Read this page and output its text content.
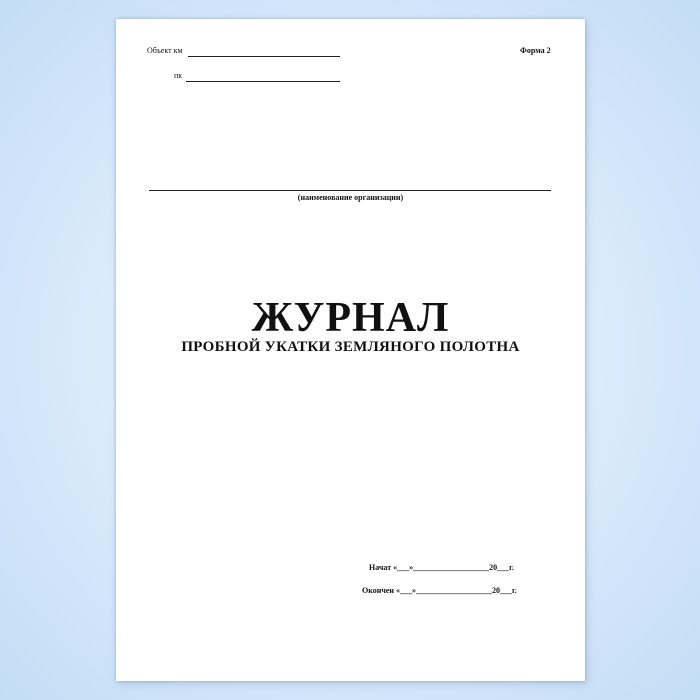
Объект км
пк
Форма 2
(наименование организации)
ЖУРНАЛ
ПРОБНОЙ УКАТКИ ЗЕМЛЯНОГО ПОЛОТНА
Начат «___»___________________20___г.
Окончен «___»___________________20___г.
